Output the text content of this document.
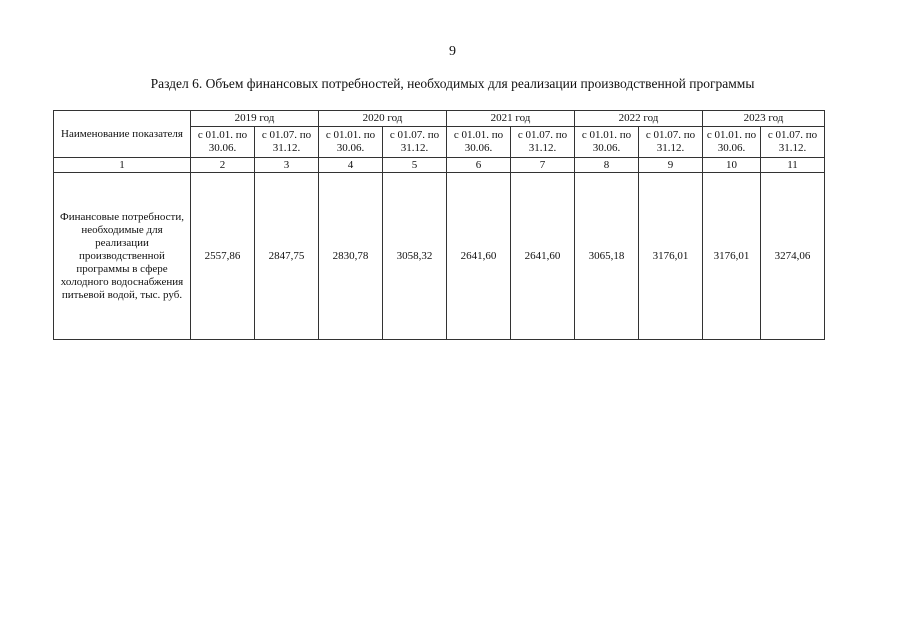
9
Раздел 6. Объем финансовых потребностей, необходимых для реализации производственной программы
Наименование показателя	2019 год		2020 год		2021 год		2022 год		2023 год	
	с 01.01. по 30.06.	с 01.07. по 31.12.	с 01.01. по 30.06.	с 01.07. по 31.12.	с 01.01. по 30.06.	с 01.07. по 31.12.	с 01.01. по 30.06.	с 01.07. по 31.12.	с 01.01. по 30.06.	с 01.07. по 31.12.
1	2	3	4	5	6	7	8	9	10	11
Финансовые потребности, необходимые для реализации производственной программы в сфере холодного водоснабжения питьевой водой, тыс. руб.	2557,86	2847,75	2830,78	3058,32	2641,60	2641,60	3065,18	3176,01	3176,01	3274,06
